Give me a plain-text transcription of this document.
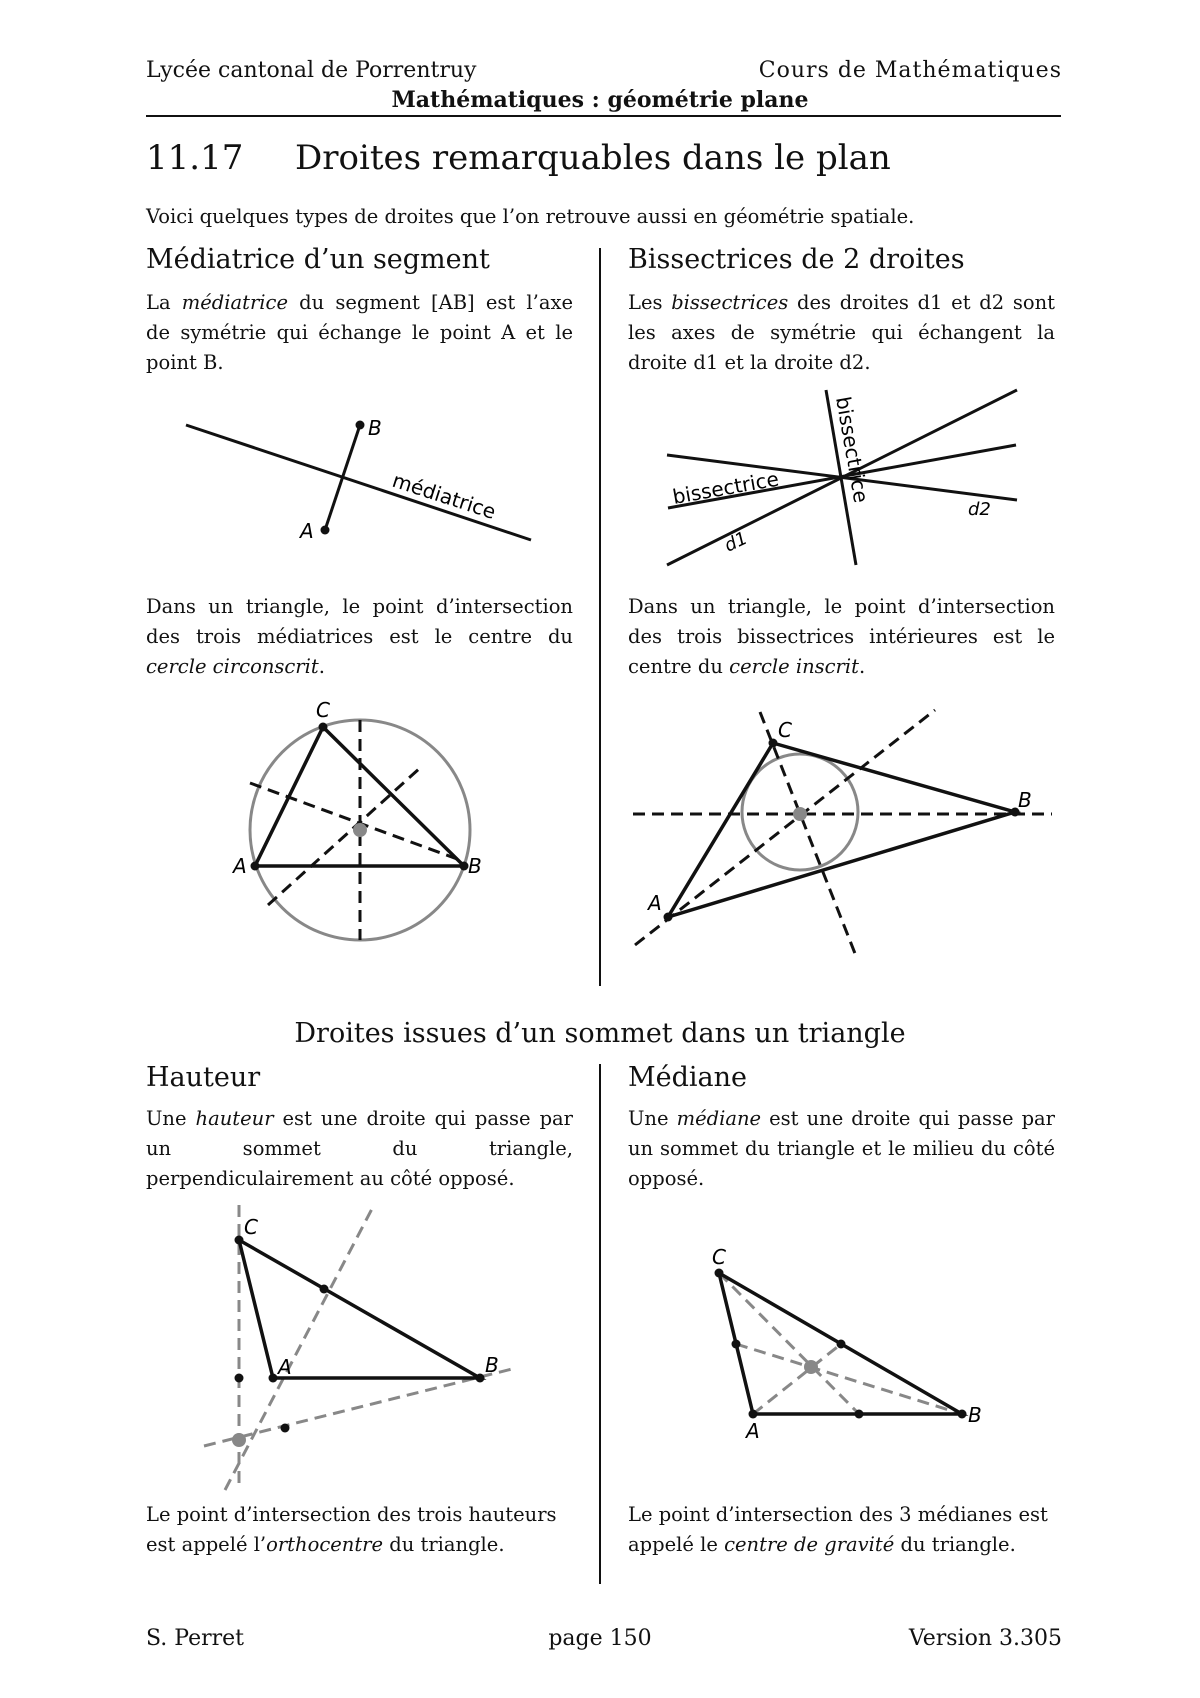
Lycée cantonal de Porrentruy	Cours de Mathématiques
Mathématiques : géométrie plane
11.17 Droites remarquables dans le plan
Voici quelques types de droites que l’on retrouve aussi en géométrie spatiale.
Médiatrice d’un segment
La médiatrice du segment [AB] est l’axe de symétrie qui échange le point A et le point B.
B
A
médiatrice
Dans un triangle, le point d’intersection des trois médiatrices est le centre du cercle circonscrit.
C
A	B
Bissectrices de 2 droites
Les bissectrices des droites d1 et d2 sont les axes de symétrie qui échangent la droite d1 et la droite d2.
bissectrice	bissectrice
d1
d2
Dans un triangle, le point d’intersection des trois bissectrices intérieures est le centre du cercle inscrit.
C
A
B
Droites issues d’un sommet dans un triangle
Hauteur
Une hauteur est une droite qui passe par un sommet du triangle, perpendiculairement au côté opposé.
C
A	B
Le point d’intersection des trois hauteurs est appelé l’orthocentre du triangle.
Médiane
Une médiane est une droite qui passe par un sommet du triangle et le milieu du côté opposé.
C
A
B
Le point d’intersection des 3 médianes est appelé le centre de gravité du triangle.
S. Perret	page 150	Version 3.305
